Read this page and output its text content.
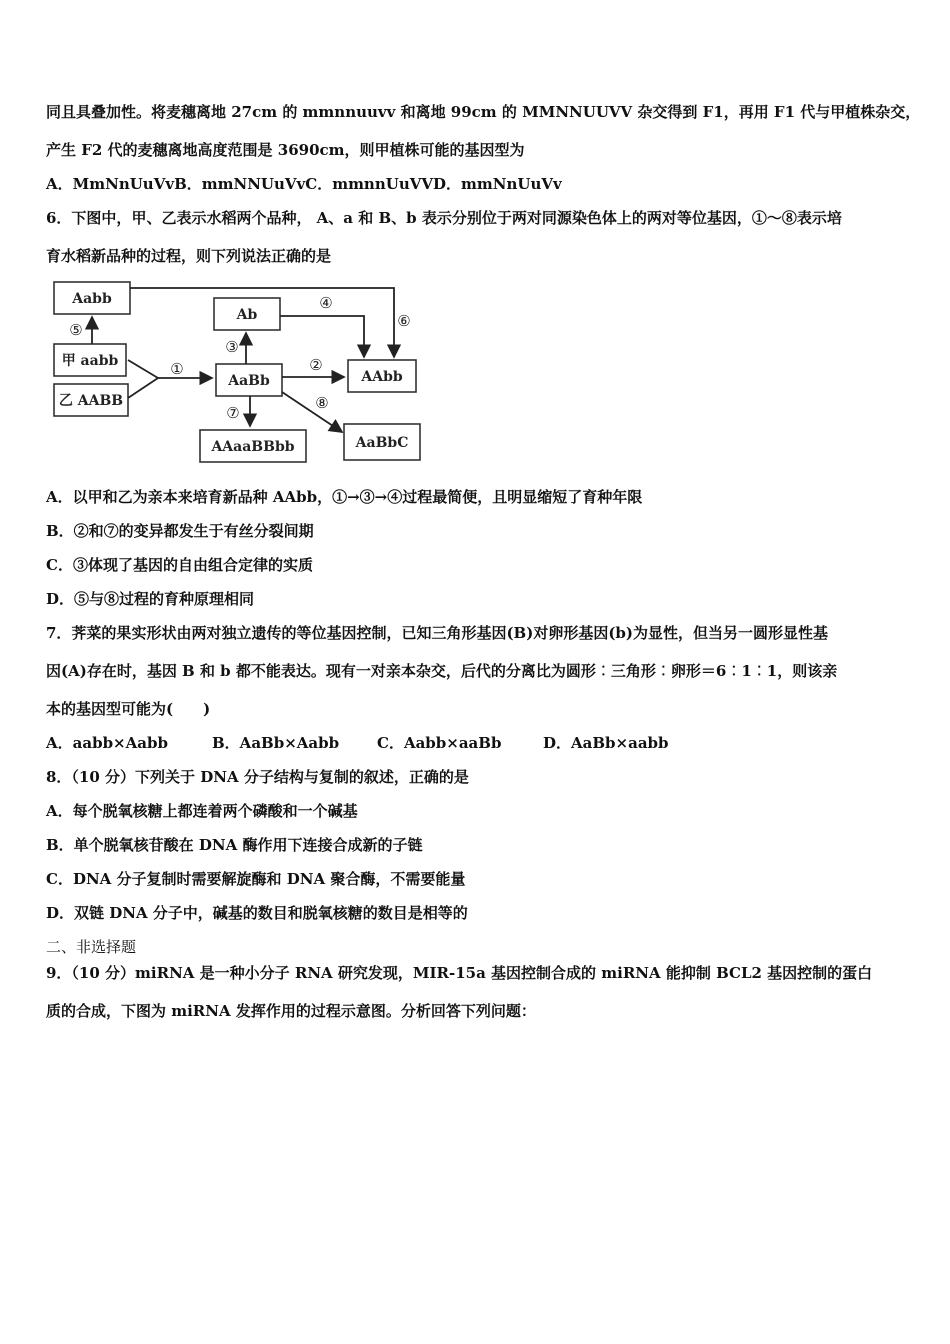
同且具叠加性。将麦穗离地 27cm 的 mmnnuuvv 和离地 99cm 的 MMNNUUVV 杂交得到 F1，再用 F1 代与甲植株杂交，
产生 F2 代的麦穗离地高度范围是 3690cm，则甲植株可能的基因型为
A．MmNnUuVvB．mmNNUuVvC．mmnnUuVVD．mmNnUuVv
6．下图中，甲、乙表示水稻两个品种， A、a 和 B、b 表示分别位于两对同源染色体上的两对等位基因，①～⑧表示培
育水稻新品种的过程，则下列说法正确的是
Aabb
甲 aabb
乙 AABB
Ab
AaBb	AAbb
AAaaBBbb	AaBbC
⑤	⑥
①
③
④
②
⑦
⑧
A．以甲和乙为亲本来培育新品种 AAbb，①→③→④过程最简便，且明显缩短了育种年限
B．②和⑦的变异都发生于有丝分裂间期
C．③体现了基因的自由组合定律的实质
D．⑤与⑧过程的育种原理相同
7．荠菜的果实形状由两对独立遗传的等位基因控制，已知三角形基因(B)对卵形基因(b)为显性，但当另一圆形显性基
因(A)存在时，基因 B 和 b 都不能表达。现有一对亲本杂交，后代的分离比为圆形︰三角形︰卵形＝6︰1︰1，则该亲
本的基因型可能为(　　)
A．aabb×Aabb	B．AaBb×Aabb	C．Aabb×aaBb	D．AaBb×aabb
8．（10 分）下列关于 DNA 分子结构与复制的叙述，正确的是
A．每个脱氧核糖上都连着两个磷酸和一个碱基
B．单个脱氧核苷酸在 DNA 酶作用下连接合成新的子链
C．DNA 分子复制时需要解旋酶和 DNA 聚合酶，不需要能量
D．双链 DNA 分子中，碱基的数目和脱氧核糖的数目是相等的
二、非选择题
9．（10 分）miRNA 是一种小分子 RNA 研究发现，MIR-15a 基因控制合成的 miRNA 能抑制 BCL2 基因控制的蛋白
质的合成，下图为 miRNA 发挥作用的过程示意图。分析回答下列问题：
